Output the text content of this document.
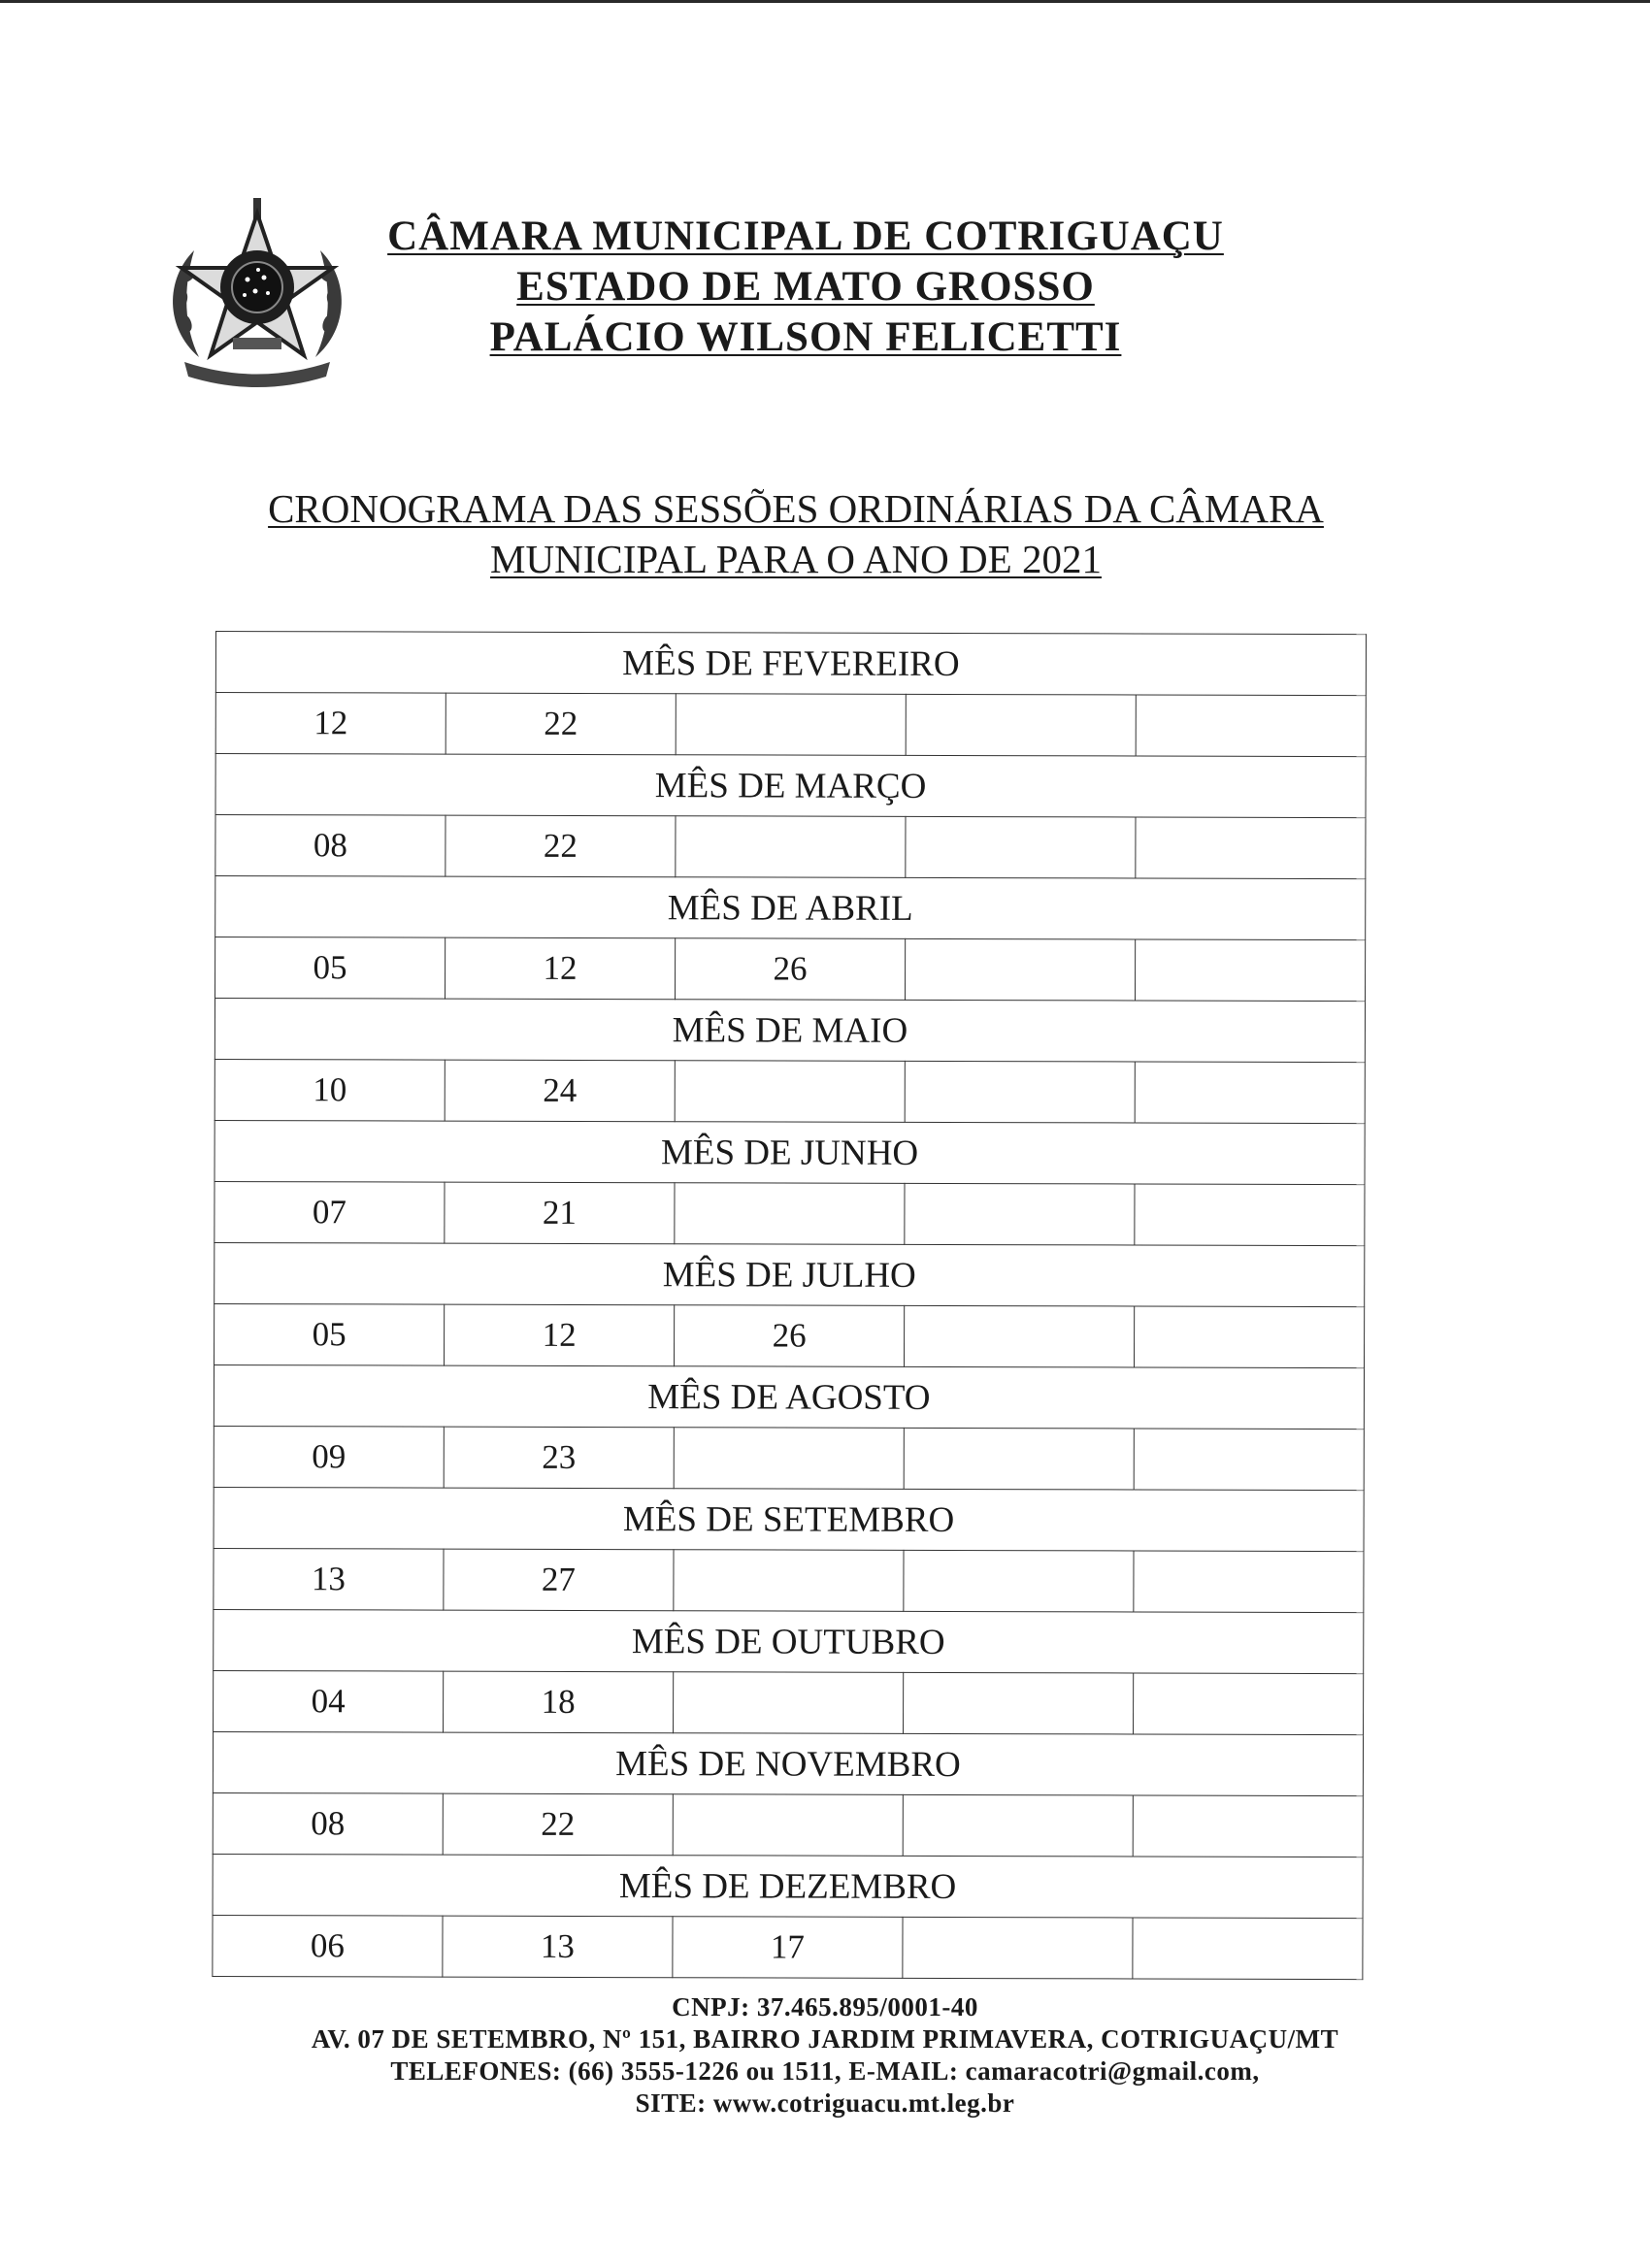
CÂMARA MUNICIPAL DE COTRIGUAÇU
ESTADO DE MATO GROSSO
PALÁCIO WILSON FELICETTI
CRONOGRAMA DAS SESSÕES ORDINÁRIAS DA CÂMARA
MUNICIPAL PARA O ANO DE 2021
MÊS DE FEVEREIRO				
12	22			
MÊS DE MARÇO				
08	22			
MÊS DE ABRIL				
05	12	26		
MÊS DE MAIO				
10	24			
MÊS DE JUNHO				
07	21			
MÊS DE JULHO				
05	12	26		
MÊS DE AGOSTO				
09	23			
MÊS DE SETEMBRO				
13	27			
MÊS DE OUTUBRO				
04	18			
MÊS DE NOVEMBRO				
08	22			
MÊS DE DEZEMBRO				
06	13	17		
CNPJ: 37.465.895/0001-40
AV. 07 DE SETEMBRO, Nº 151, BAIRRO JARDIM PRIMAVERA, COTRIGUAÇU/MT
TELEFONES: (66) 3555-1226 ou 1511, E-MAIL: camaracotri@gmail.com,
SITE: www.cotriguacu.mt.leg.br
